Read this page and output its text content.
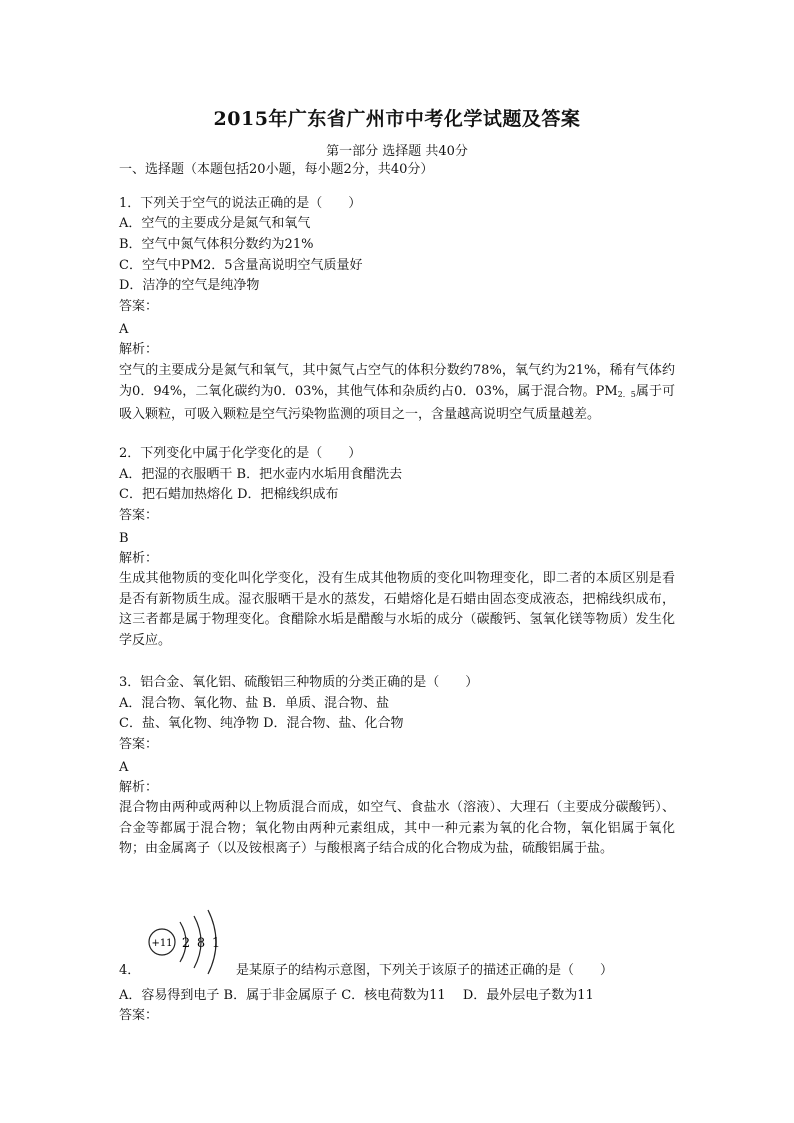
2015年广东省广州市中考化学试题及答案
第一部分 选择题 共40分
一、选择题（本题包括20小题，每小题2分，共40分）
1．下列关于空气的说法正确的是（　　）
A．空气的主要成分是氮气和氧气
B．空气中氮气体积分数约为21%
C．空气中PM2．5含量高说明空气质量好
D．洁净的空气是纯净物
答案：
A
解析：
空气的主要成分是氮气和氧气，其中氮气占空气的体积分数约78%，氧气约为21%，稀有气体约为0．94%，二氧化碳约为0．03%，其他气体和杂质约占0．03%，属于混合物。$PM_{2.5}$属于可吸入颗粒，可吸入颗粒是空气污染物监测的项目之一，含量越高说明空气质量越差。
2．下列变化中属于化学变化的是（　　）
A．把湿的衣服晒干 B．把水壶内水垢用食醋洗去
C．把石蜡加热熔化 D．把棉线织成布
答案：
B
解析：
生成其他物质的变化叫化学变化，没有生成其他物质的变化叫物理变化，即二者的本质区别是看是否有新物质生成。湿衣服晒干是水的蒸发，石蜡熔化是石蜡由固态变成液态，把棉线织成布，这三者都是属于物理变化。食醋除水垢是醋酸与水垢的成分（碳酸钙、氢氧化镁等物质）发生化学反应。
3．铝合金、氧化铝、硫酸铝三种物质的分类正确的是（　　）
A．混合物、氧化物、盐 B．单质、混合物、盐
C．盐、氧化物、纯净物 D．混合物、盐、化合物
答案：
A
解析：
混合物由两种或两种以上物质混合而成，如空气、食盐水（溶液）、大理石（主要成分碳酸钙）、合金等都属于混合物；氧化物由两种元素组成，其中一种元素为氧的化合物，氧化铝属于氧化物；由金属离子（以及铵根离子）与酸根离子结合成的化合物成为盐，硫酸铝属于盐。
+11 2 8 1
4．	是某原子的结构示意图，下列关于该原子的描述正确的是（　　）
A．容易得到电子 B．属于非金属原子 C．核电荷数为11　 D．最外层电子数为11
答案：
